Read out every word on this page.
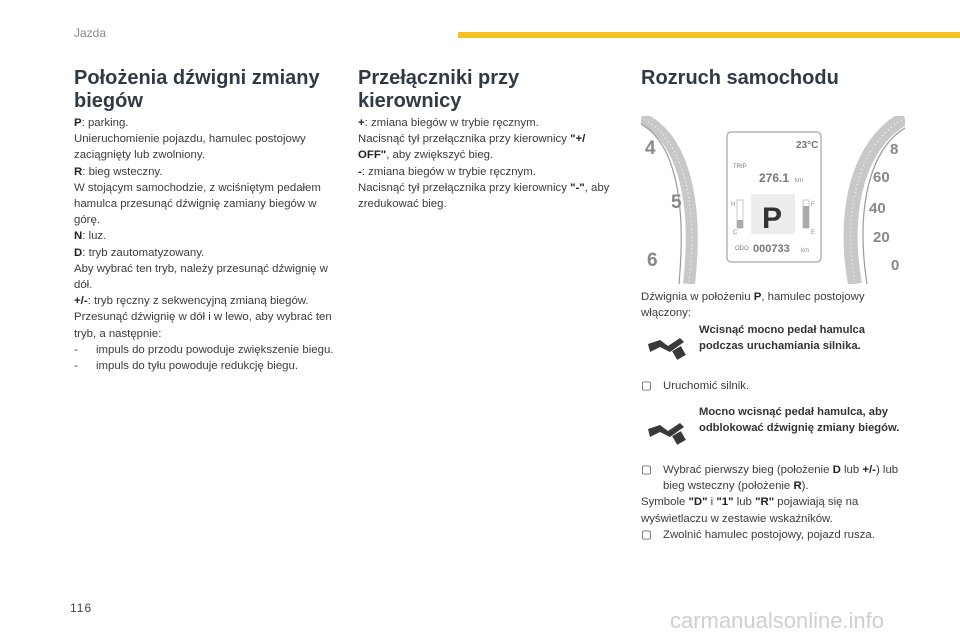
Jazda
Położenia dźwigni zmiany
biegów

P: parking.

Unieruchomienie pojazdu, hamulec postojowy zaciągnięty lub zwolniony.

R: bieg wsteczny.

W stojącym samochodzie, z wciśniętym pedałem hamulca przesunąć dźwignię zamiany biegów w górę.

N: luz.

D: tryb zautomatyzowany.

Aby wybrać ten tryb, należy przesunąć dźwignię w dół.

+/-: tryb ręczny z sekwencyjną zmianą biegów.

Przesunąć dźwignię w dół i w lewo, aby wybrać ten tryb, a następnie:

- impuls do przodu powoduje zwiększenie biegu.

- impuls do tyłu powoduje redukcję biegu.

Przełączniki przy
kierownicy

+: zmiana biegów w trybie ręcznym.

Nacisnąć tył przełącznika przy kierownicy "+/ OFF", aby zwiększyć bieg.

-: zmiana biegów w trybie ręcznym.

Nacisnąć tył przełącznika przy kierownicy "-", aby zredukować bieg.

Rozruch samochodu
4
5
6
8
60
40
20
0
23°C
TRIP
276.1 km
H
C
F
E
P
ODO 000733 km

Dźwignia w położeniu P, hamulec postojowy włączony:

Wcisnąć mocno pedał hamulca podczas uruchamiania silnika.

▢ Uruchomić silnik.

Mocno wcisnąć pedał hamulca, aby odblokować dźwignię zmiany biegów.

▢ Wybrać pierwszy bieg (położenie D lub +/-) lub bieg wsteczny (położenie R).

Symbole "D" i "1" lub "R" pojawiają się na wyświetlaczu w zestawie wskaźników.

▢ Zwolnić hamulec postojowy, pojazd rusza.

116	carmanualsonline.info
